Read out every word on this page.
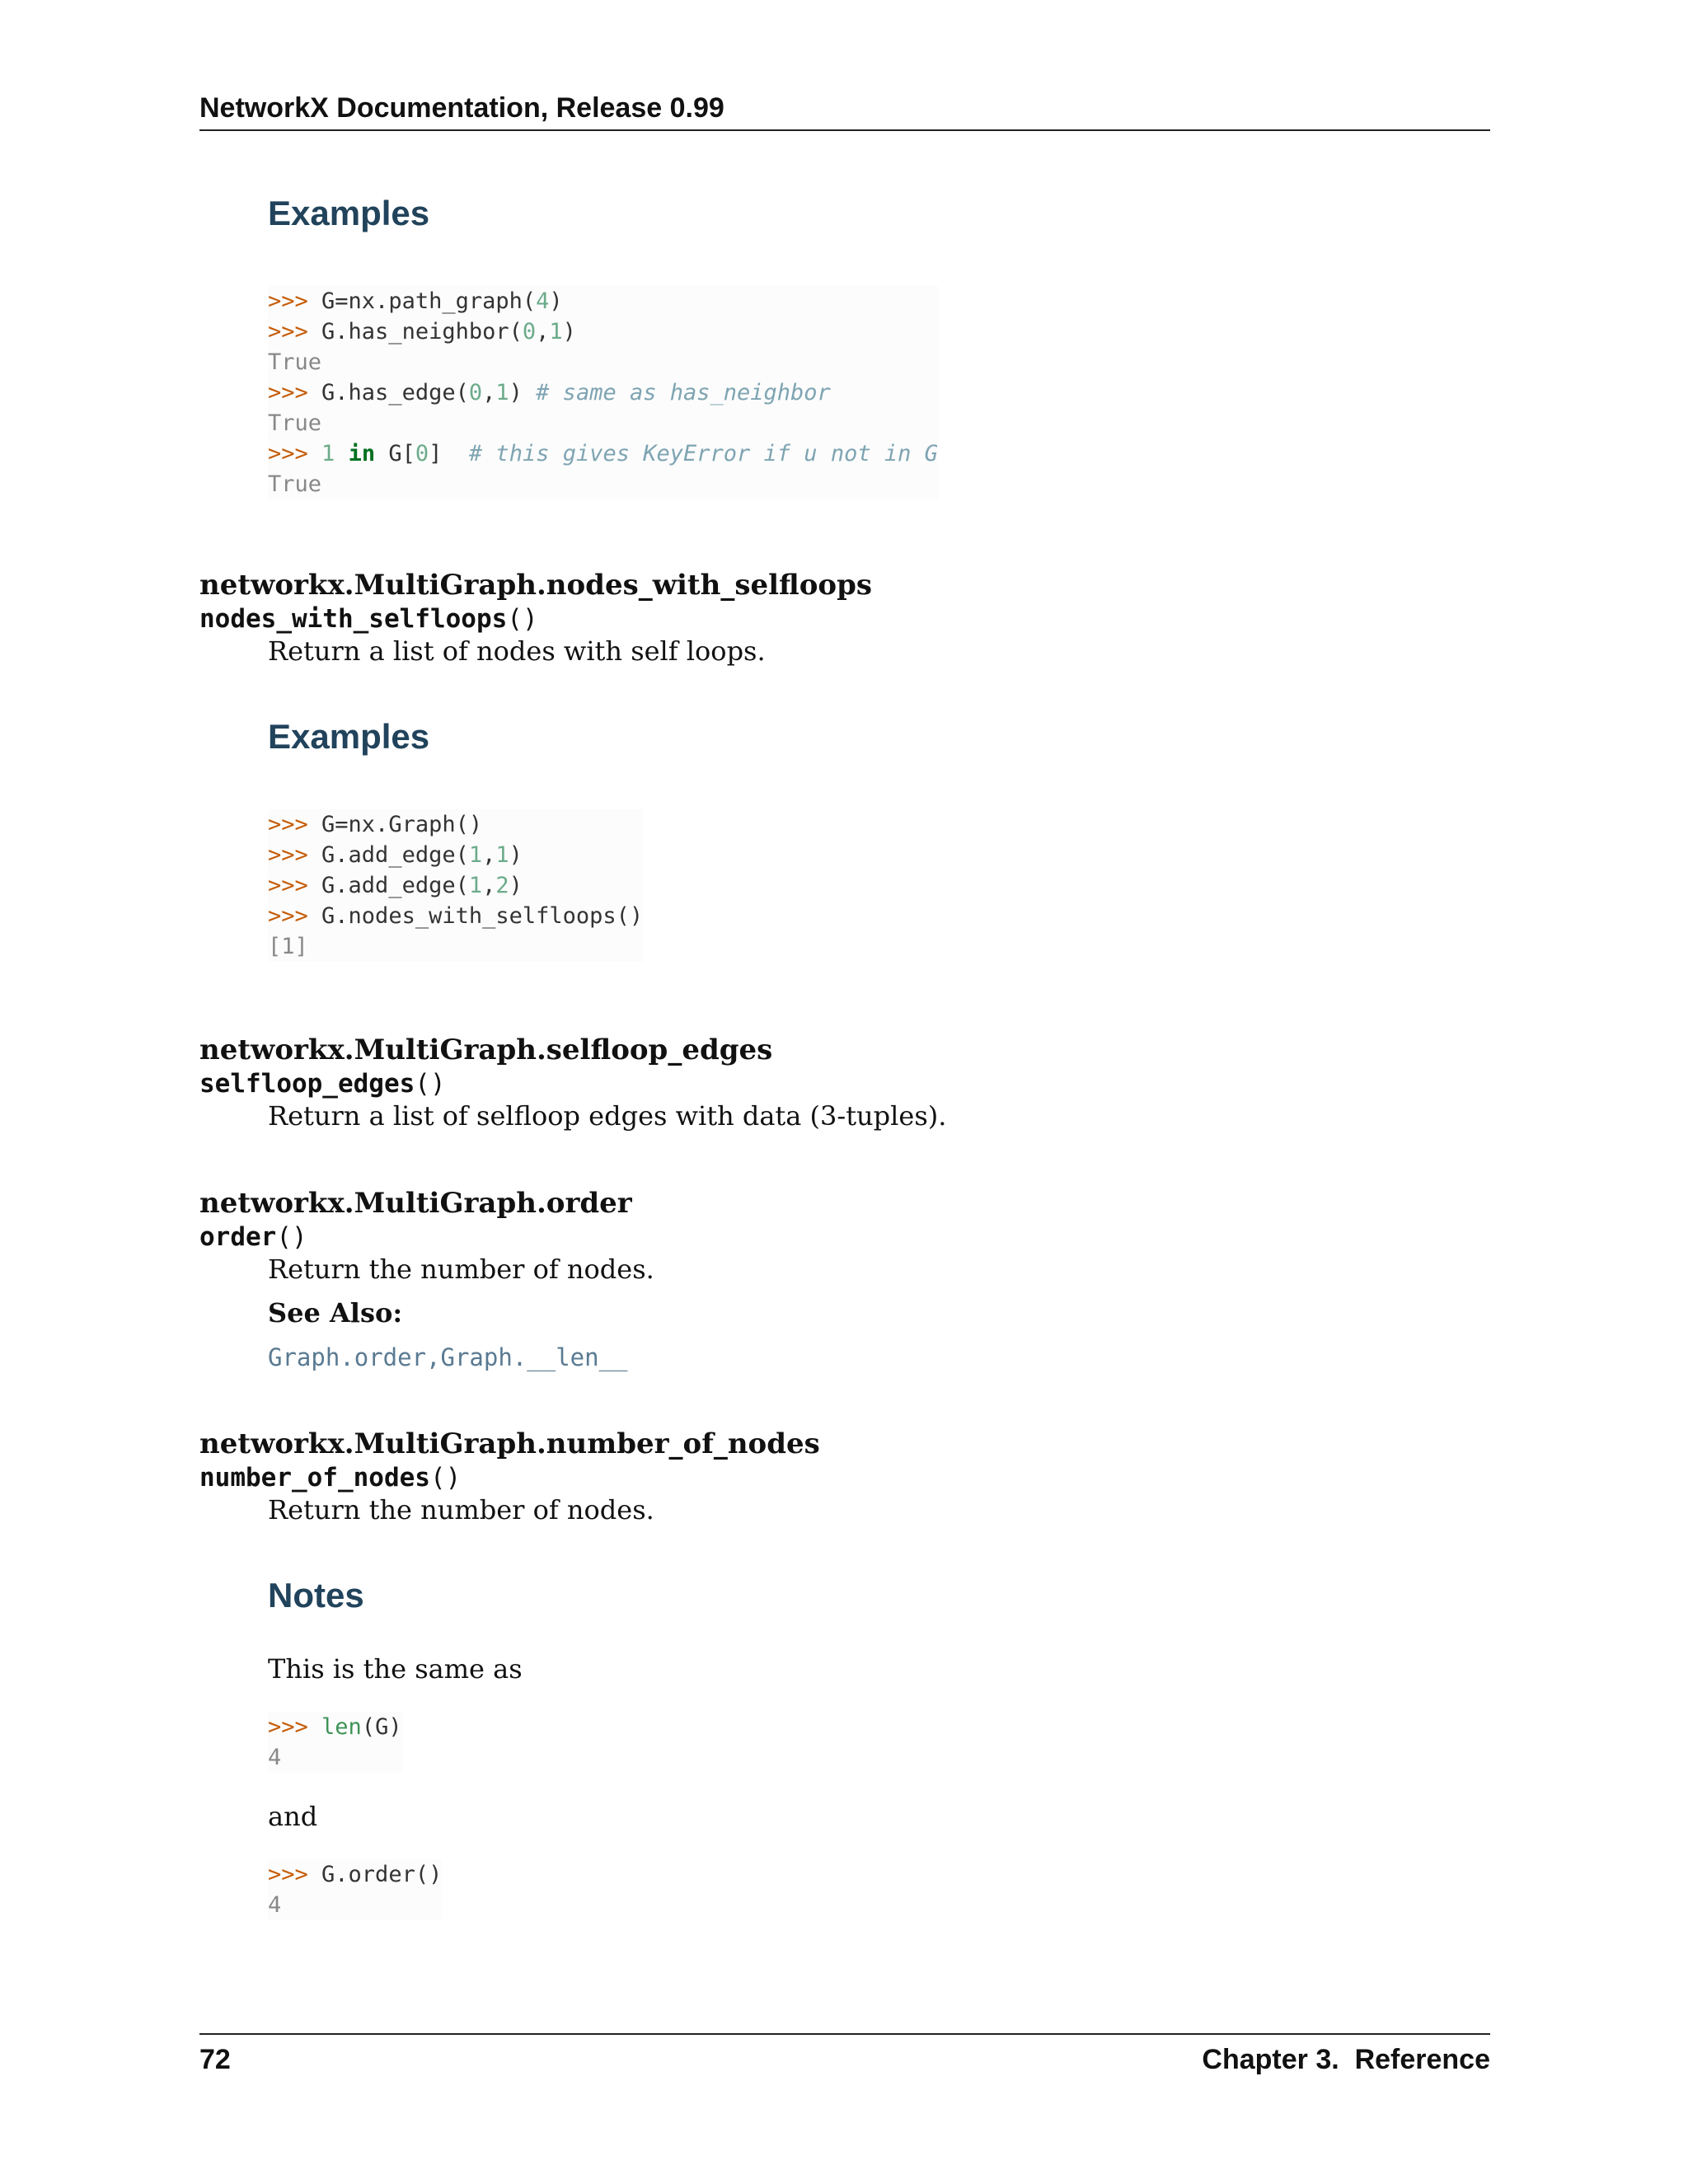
NetworkX Documentation, Release 0.99
Examples
>>> G=nx.path_graph(4)
>>> G.has_neighbor(0,1)
True
>>> G.has_edge(0,1) # same as has_neighbor
True
>>> 1 in G[0]  # this gives KeyError if u not in G
True
networkx.MultiGraph.nodes_with_selfloops
nodes_with_selfloops()
Return a list of nodes with self loops.
Examples
>>> G=nx.Graph()
>>> G.add_edge(1,1)
>>> G.add_edge(1,2)
>>> G.nodes_with_selfloops()
[1]
networkx.MultiGraph.selfloop_edges
selfloop_edges()
Return a list of selfloop edges with data (3-tuples).
networkx.MultiGraph.order
order()
Return the number of nodes.
See Also:
Graph.order,Graph.__len__
networkx.MultiGraph.number_of_nodes
number_of_nodes()
Return the number of nodes.
Notes
This is the same as
>>> len(G)
4
and
>>> G.order()
4
72	Chapter 3.  Reference
